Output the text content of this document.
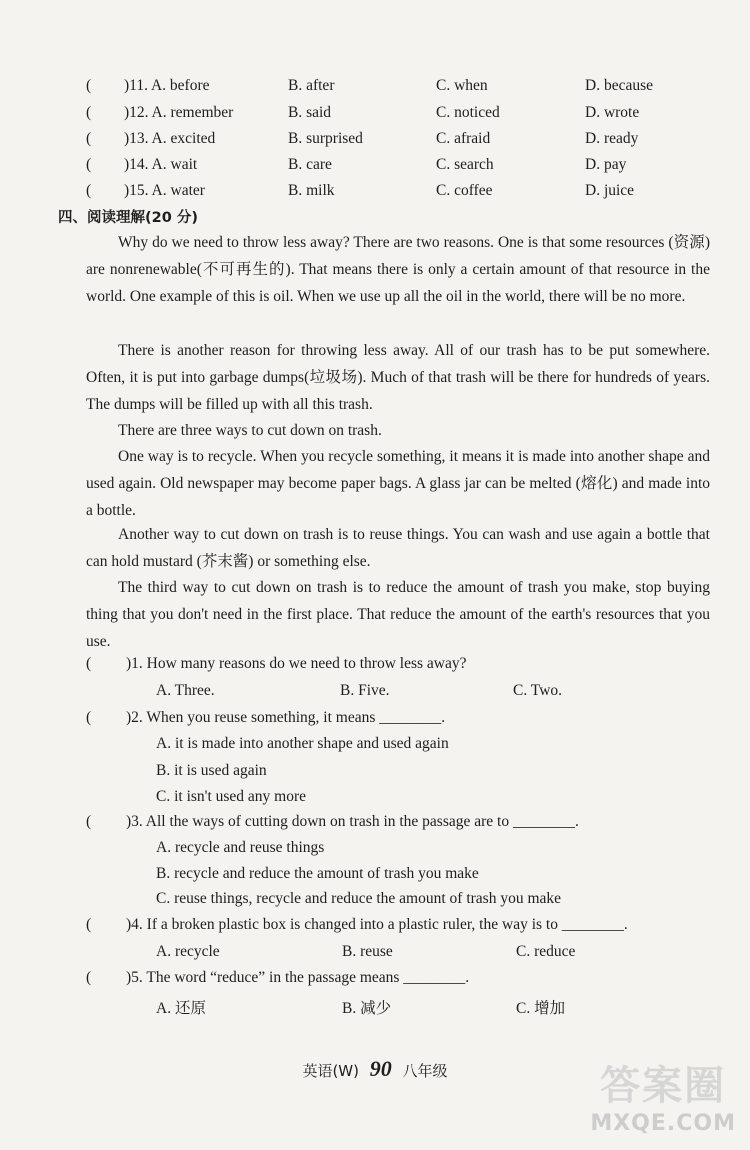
( )11. A. before	B. after	C. when	D. because
( )12. A. remember	B. said	C. noticed	D. wrote
( )13. A. excited	B. surprised	C. afraid	D. ready
( )14. A. wait	B. care	C. search	D. pay
( )15. A. water	B. milk	C. coffee	D. juice
四、阅读理解(20 分)
Why do we need to throw less away? There are two reasons. One is that some resources (资源) are nonrenewable(不可再生的). That means there is only a certain amount of that resource in the world. One example of this is oil. When we use up all the oil in the world, there will be no more.
There is another reason for throwing less away. All of our trash has to be put somewhere. Often, it is put into garbage dumps(垃圾场). Much of that trash will be there for hundreds of years. The dumps will be filled up with all this trash.
There are three ways to cut down on trash.
One way is to recycle. When you recycle something, it means it is made into another shape and used again. Old newspaper may become paper bags. A glass jar can be melted (熔化) and made into a bottle.
Another way to cut down on trash is to reuse things. You can wash and use again a bottle that can hold mustard (芥末酱) or something else.
The third way to cut down on trash is to reduce the amount of trash you make, stop buying thing that you don't need in the first place. That reduce the amount of the earth's resources that you use.
( )1. How many reasons do we need to throw less away?
A. Three.	B. Five.	C. Two.
( )2. When you reuse something, it means ________.
A. it is made into another shape and used again
B. it is used again
C. it isn't used any more
( )3. All the ways of cutting down on trash in the passage are to ________.
A. recycle and reuse things
B. recycle and reduce the amount of trash you make
C. reuse things, recycle and reduce the amount of trash you make
( )4. If a broken plastic box is changed into a plastic ruler, the way is to ________.
A. recycle	B. reuse	C. reduce
( )5. The word “reduce” in the passage means ________.
A. 还原	B. 减少	C. 增加
英语(W) 90 八年级	答案圈
MXQE.COM
